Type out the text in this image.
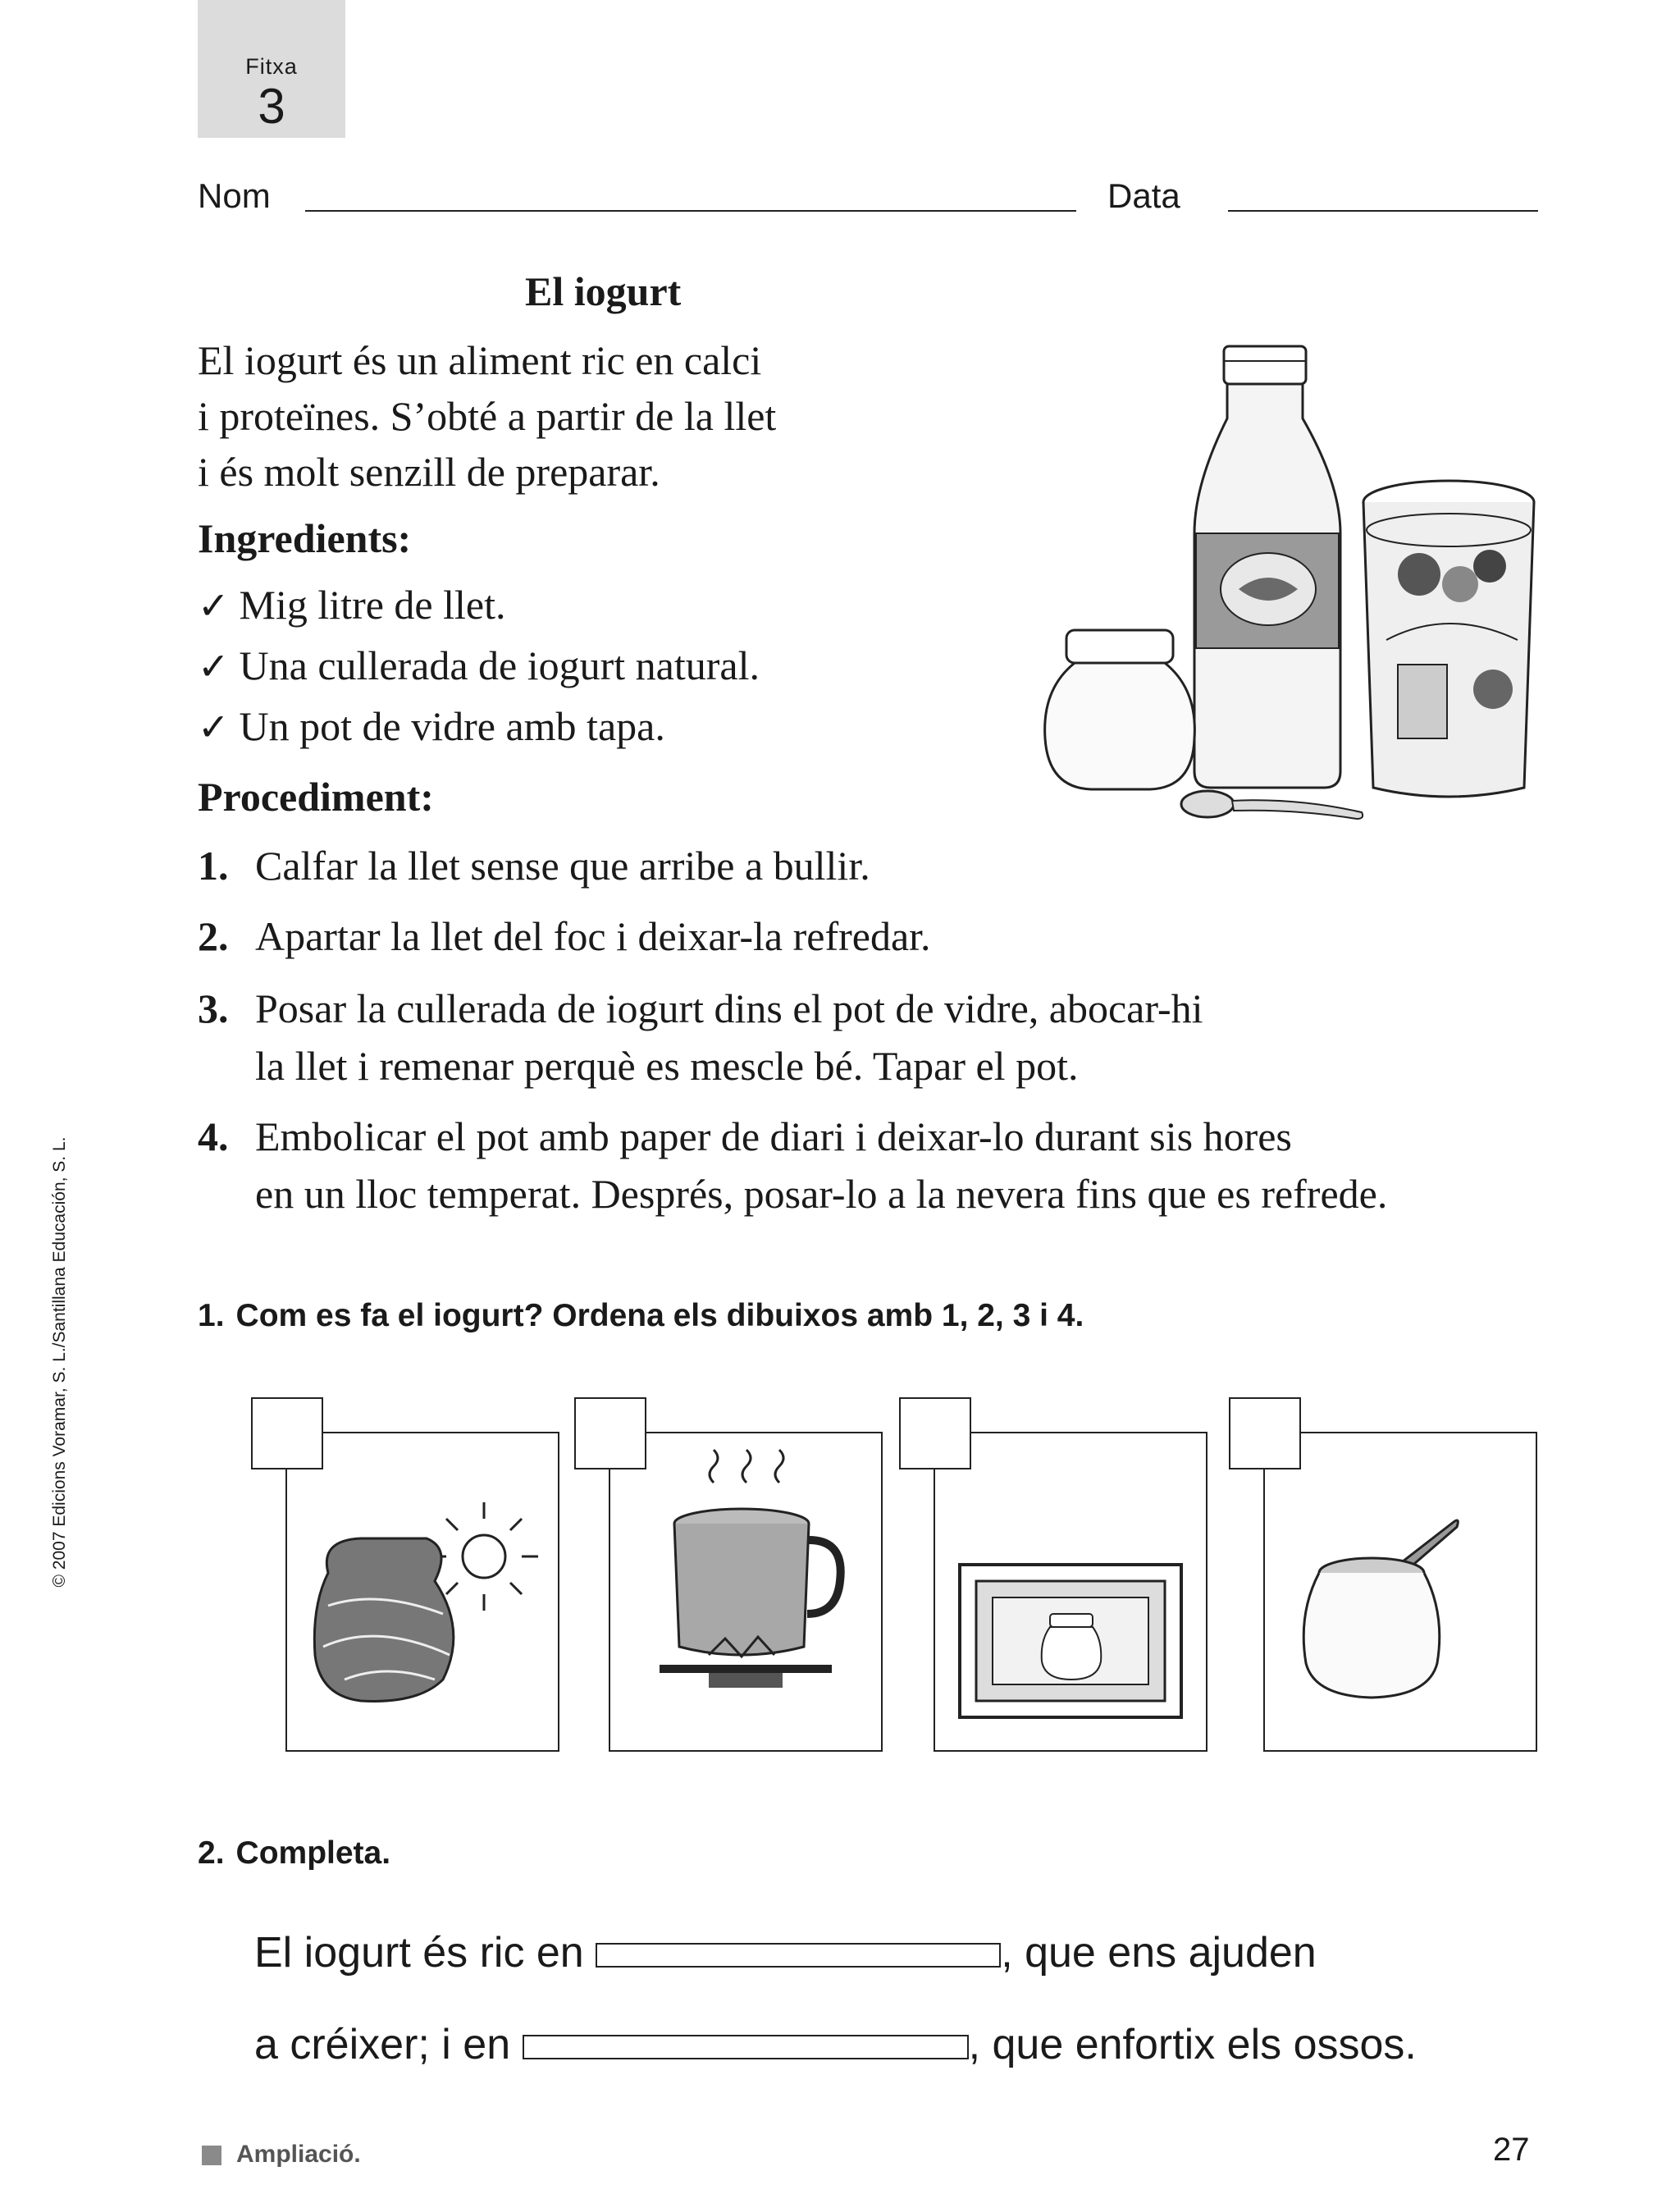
Fitxa
3
Nom	Data
El iogurt
El iogurt és un aliment ric en calci
i proteïnes. S’obté a partir de la llet
i és molt senzill de preparar.
Ingredients:
✓ Mig litre de llet.
✓ Una cullerada de iogurt natural.
✓ Un pot de vidre amb tapa.
Procediment:
1. Calfar la llet sense que arribe a bullir.
2. Apartar la llet del foc i deixar-la refredar.
3. Posar la cullerada de iogurt dins el pot de vidre, abocar-hi
la llet i remenar perquè es mescle bé. Tapar el pot.
4. Embolicar el pot amb paper de diari i deixar-lo durant sis hores
en un lloc temperat. Després, posar-lo a la nevera fins que es refrede.
1. Com es fa el iogurt? Ordena els dibuixos amb 1, 2, 3 i 4.
2. Completa.
El iogurt és ric en	, que ens ajuden
a créixer; i en	, que enfortix els ossos.
Ampliació.	27
© 2007 Edicions Voramar, S. L./Santillana Educación, S. L.
